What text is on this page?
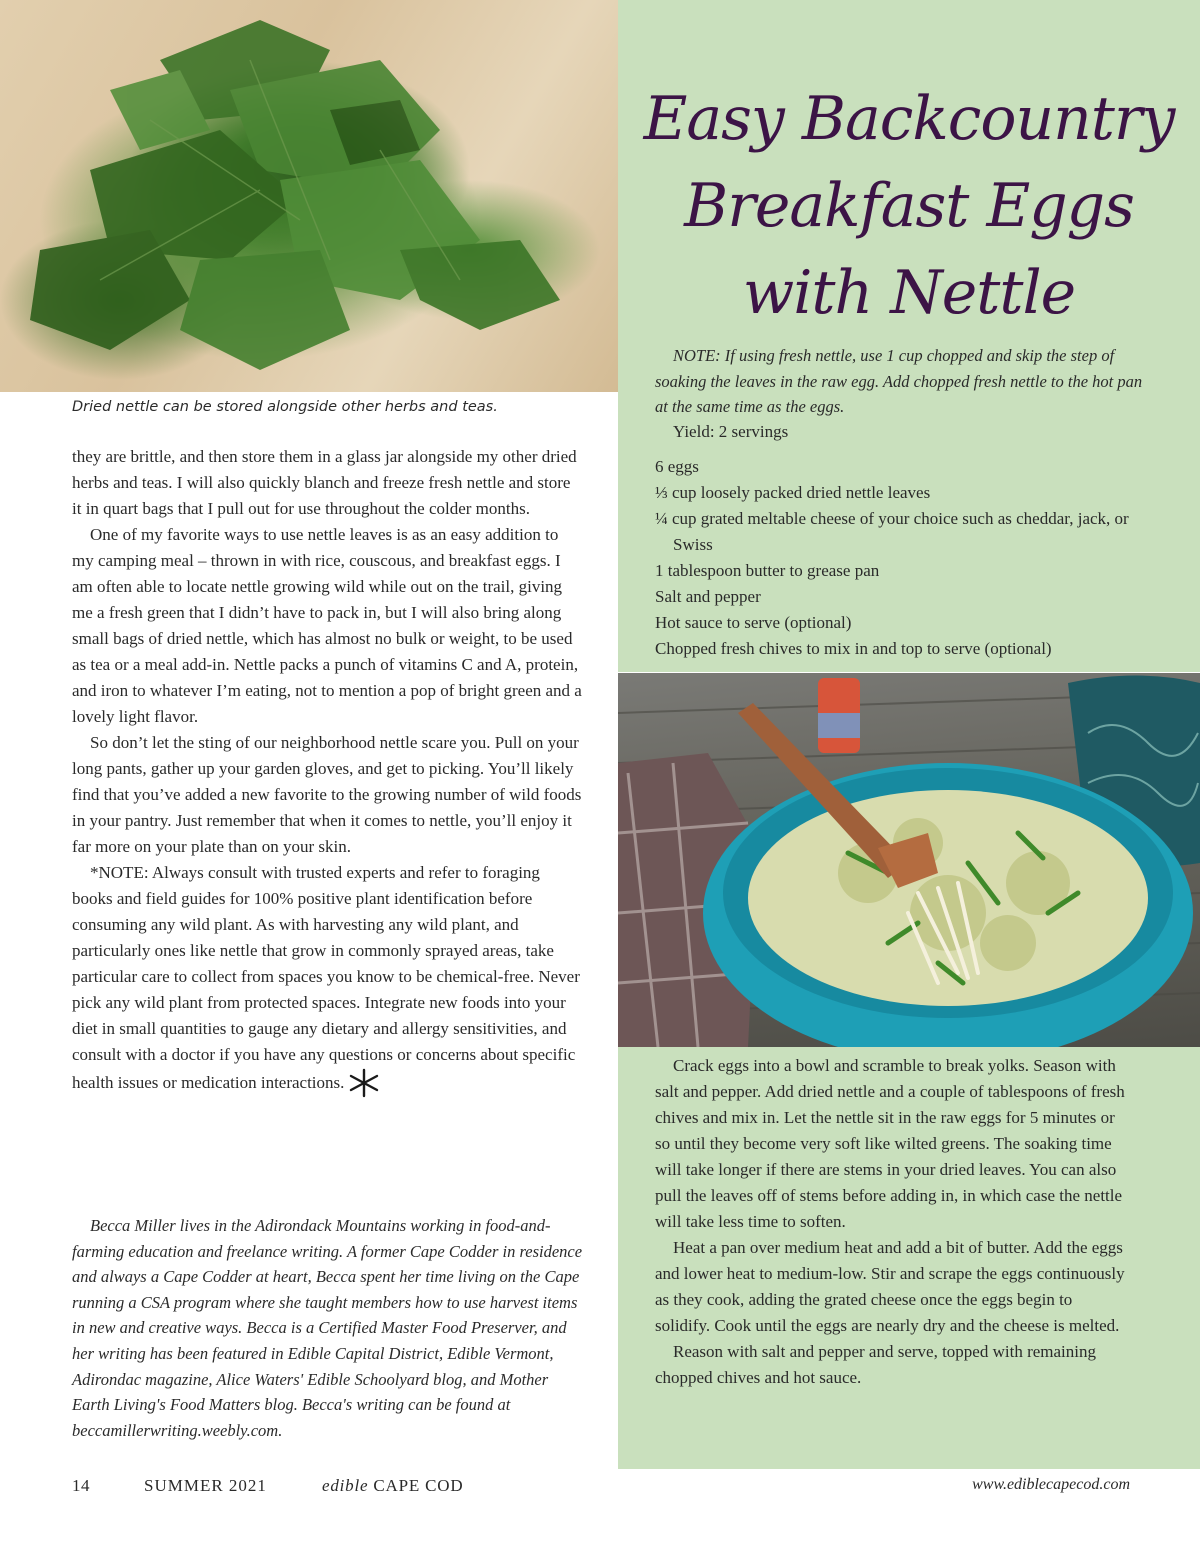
Dried nettle can be stored alongside other herbs and teas.

they are brittle, and then store them in a glass jar alongside my other dried herbs and teas. I will also quickly blanch and freeze fresh nettle and store it in quart bags that I pull out for use throughout the colder months.

One of my favorite ways to use nettle leaves is as an easy addition to my camping meal – thrown in with rice, couscous, and breakfast eggs. I am often able to locate nettle growing wild while out on the trail, giving me a fresh green that I didn’t have to pack in, but I will also bring along small bags of dried nettle, which has almost no bulk or weight, to be used as tea or a meal add-in. Nettle packs a punch of vitamins C and A, protein, and iron to whatever I’m eating, not to mention a pop of bright green and a lovely light flavor.

So don’t let the sting of our neighborhood nettle scare you. Pull on your long pants, gather up your garden gloves, and get to picking. You’ll likely find that you’ve added a new favorite to the growing number of wild foods in your pantry. Just remember that when it comes to nettle, you’ll enjoy it far more on your plate than on your skin.

*NOTE: Always consult with trusted experts and refer to foraging books and field guides for 100% positive plant identification before consuming any wild plant. As with harvesting any wild plant, and particularly ones like nettle that grow in commonly sprayed areas, take particular care to collect from spaces you know to be chemical-free. Never pick any wild plant from protected spaces. Integrate new foods into your diet in small quantities to gauge any dietary and allergy sensitivities, and consult with a doctor if you have any questions or concerns about specific health issues or medication interactions.

Becca Miller lives in the Adirondack Mountains working in food-and-farming education and freelance writing. A former Cape Codder in residence and always a Cape Codder at heart, Becca spent her time living on the Cape running a CSA program where she taught members how to use harvest items in new and creative ways. Becca is a Certified Master Food Preserver, and her writing has been featured in Edible Capital District, Edible Vermont, Adirondac magazine, Alice Waters' Edible Schoolyard blog, and Mother Earth Living's Food Matters blog. Becca's writing can be found at beccamillerwriting.weebly.com.

Easy Backcountry
Breakfast Eggs
with Nettle

NOTE: If using fresh nettle, use 1 cup chopped and skip the step of soaking the leaves in the raw egg. Add chopped fresh nettle to the hot pan at the same time as the eggs.

Yield: 2 servings
6 eggs
⅓ cup loosely packed dried nettle leaves
¼ cup grated meltable cheese of your choice such as cheddar, jack, or Swiss
1 tablespoon butter to grease pan
Salt and pepper
Hot sauce to serve (optional)
Chopped fresh chives to mix in and top to serve (optional)

Crack eggs into a bowl and scramble to break yolks. Season with salt and pepper. Add dried nettle and a couple of tablespoons of fresh chives and mix in. Let the nettle sit in the raw eggs for 5 minutes or so until they become very soft like wilted greens. The soaking time will take longer if there are stems in your dried leaves. You can also pull the leaves off of stems before adding in, in which case the nettle will take less time to soften.

Heat a pan over medium heat and add a bit of butter. Add the eggs and lower heat to medium-low. Stir and scrape the eggs continuously as they cook, adding the grated cheese once the eggs begin to solidify. Cook until the eggs are nearly dry and the cheese is melted.

Reason with salt and pepper and serve, topped with remaining chopped chives and hot sauce.

14	SUMMER 2021	edible CAPE COD	www.ediblecapecod.com
